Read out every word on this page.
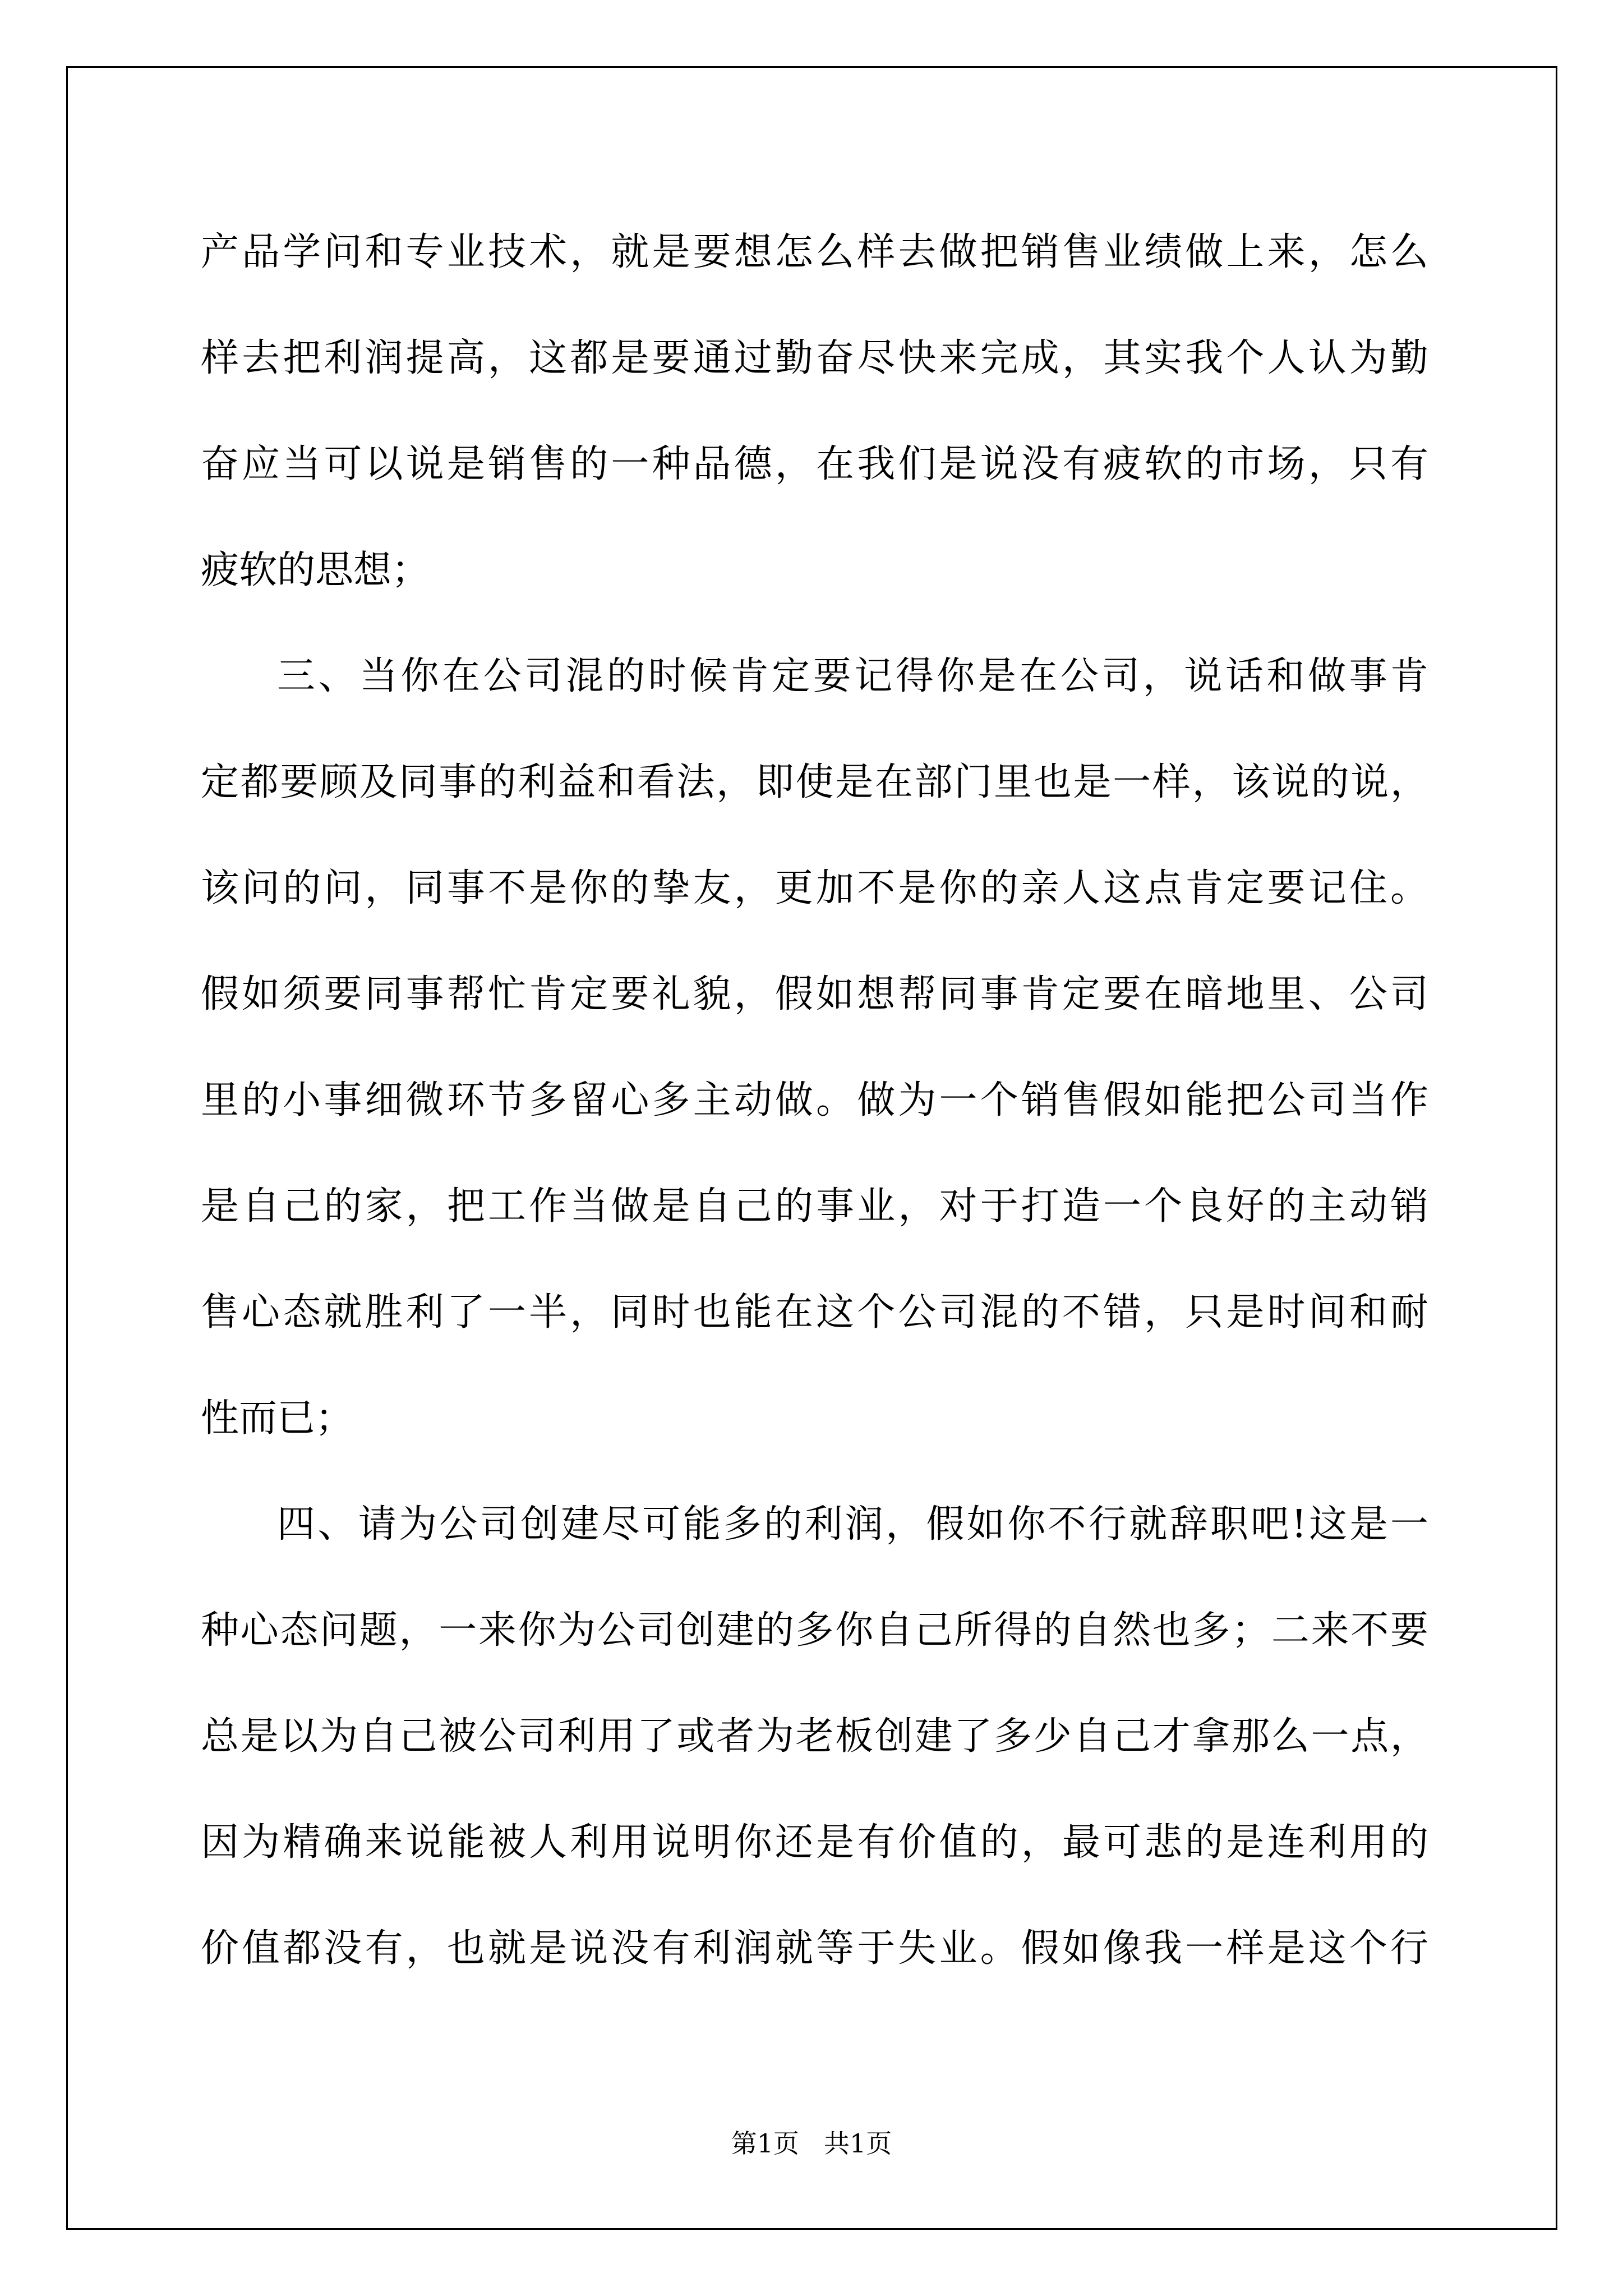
产品学问和专业技术，就是要想怎么样去做把销售业绩做上来，怎么
样去把利润提高，这都是要通过勤奋尽快来完成，其实我个人认为勤
奋应当可以说是销售的一种品德，在我们是说没有疲软的市场，只有
疲软的思想；
三、当你在公司混的时候肯定要记得你是在公司，说话和做事肯
定都要顾及同事的利益和看法，即使是在部门里也是一样，该说的说，
该问的问，同事不是你的挚友，更加不是你的亲人这点肯定要记住。
假如须要同事帮忙肯定要礼貌，假如想帮同事肯定要在暗地里、公司
里的小事细微环节多留心多主动做。做为一个销售假如能把公司当作
是自己的家，把工作当做是自己的事业，对于打造一个良好的主动销
售心态就胜利了一半，同时也能在这个公司混的不错，只是时间和耐
性而已；
四、请为公司创建尽可能多的利润，假如你不行就辞职吧!这是一
种心态问题，一来你为公司创建的多你自己所得的自然也多；二来不要
总是以为自己被公司利用了或者为老板创建了多少自己才拿那么一点，
因为精确来说能被人利用说明你还是有价值的，最可悲的是连利用的
价值都没有，也就是说没有利润就等于失业。假如像我一样是这个行
第1页 共1页
